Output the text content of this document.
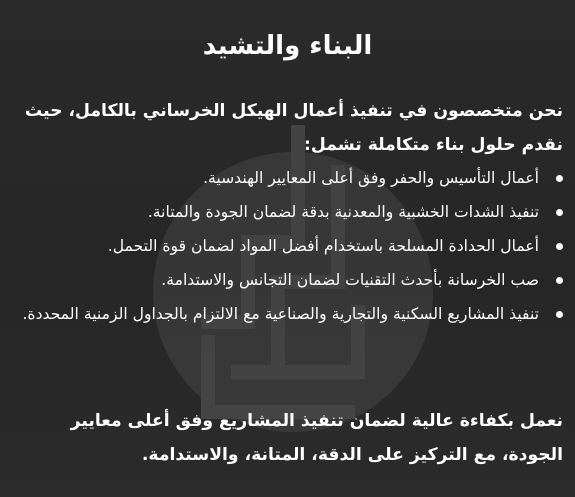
البناء والتشيد
نحن متخصصون في تنفيذ أعمال الهيكل الخرساني بالكامل، حيث نقدم حلول بناء متكاملة تشمل:
أعمال التأسيس والحفر وفق أعلى المعايير الهندسية.
تنفيذ الشدات الخشبية والمعدنية بدقة لضمان الجودة والمتانة.
أعمال الحدادة المسلحة باستخدام أفضل المواد لضمان قوة التحمل.
صب الخرسانة بأحدث التقنيات لضمان التجانس والاستدامة.
تنفيذ المشاريع السكنية والتجارية والصناعية مع الالتزام بالجداول الزمنية المحددة.
نعمل بكفاءة عالية لضمان تنفيذ المشاريع وفق أعلى معايير الجودة، مع التركيز على الدقة، المتانة، والاستدامة.
